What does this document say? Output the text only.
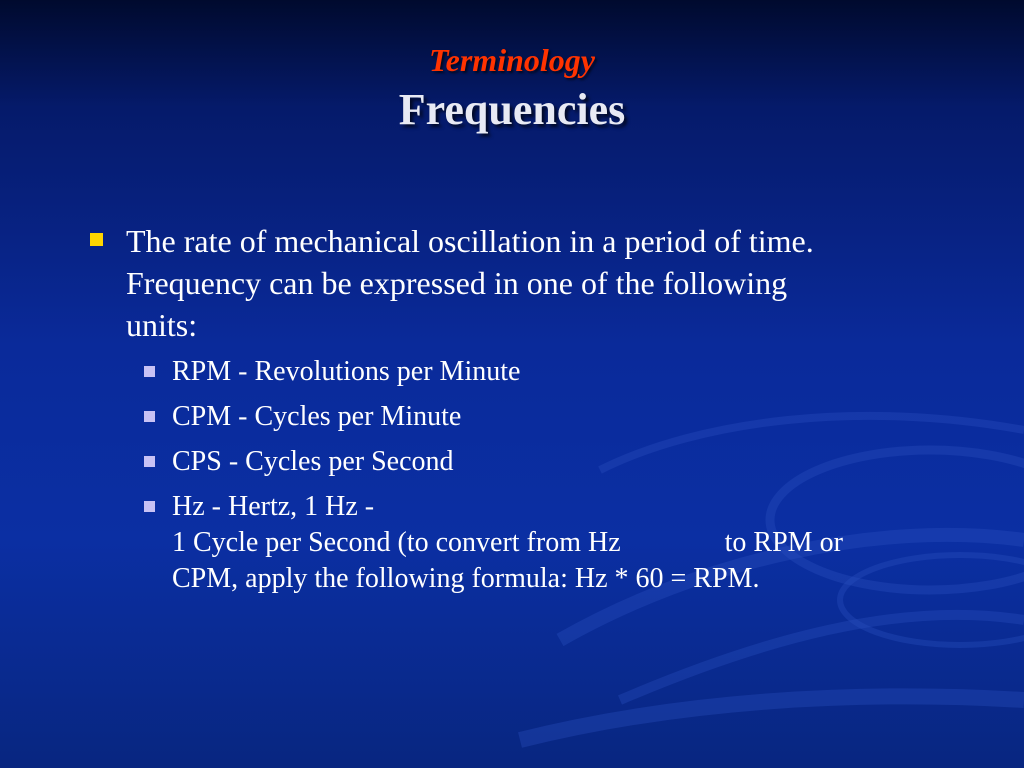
Terminology
Frequencies
The rate of mechanical oscillation in a period of time.
Frequency can be expressed in one of the following
units:
RPM - Revolutions per Minute
CPM - Cycles per Minute
CPS - Cycles per Second
Hz - Hertz, 1 Hz -
1 Cycle per Second (to convert from Hz	to RPM or
CPM, apply the following formula: Hz * 60 = RPM.
